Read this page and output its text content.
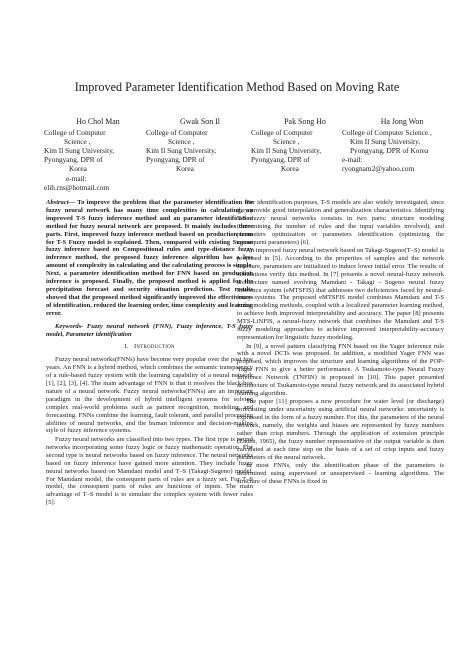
Improved Parameter Identification Method Based on Moving Rate
Ho Chol Man
College of Computer
Science ,
Kim Il Sung University,
Pyongyang, DPR of
Korea
e-mail:
elih.rns@hotmail.com
Gwak Son Il
College of Computer
Science ,
Kim Il Sung University,
Pyongyang, DPR of
Korea
Pak Song Ho
College of Computer
Science ,
Kim Il Sung University,
Pyongyang, DPR of
Korea
Ha Jong Won
College of Computer Science ,
Kim Il Sung University,
Pyongyang, DPR of Korea
e-mail:
ryongnam2@yahoo.com

Abstract— To improve the problem that the parameter identification for fuzzy neural network has many time complexities in calculating, an improved T-S fuzzy inference method and an parameter identification method for fuzzy neural network are proposed. It mainly includes three parts. First, improved fuzzy inference method based on production term for T-S Fuzzy model is explained. Then, compared with existing Sugeno fuzzy inference based on Compositional rules and type-distance fuzzy inference method, the proposed fuzzy inference algorithm has a less amount of complexity in calculating and the calculating process is simple. Next, a parameter identification method for FNN based on production inference is proposed. Finally, the proposed method is applied for the precipitation forecast and security situation prediction. Test results showed that the proposed method significantly improved the effectiveness of identification, reduced the learning order, time complexity and learning error.

Keywords- Fuzzy neural network (FNN), Fuzzy inference, T-S fuzzy model, Parameter identification

I. Introduction

Fuzzy neural networks(FNNs) have become very popular over the past few years. An FNN is a hybrid method, which combines the semantic transparency of a rule-based fuzzy system with the learning capability of a neural network [1], [2], [3], [4]. The main advantage of FNN is that it resolves the black-box nature of a neural network. Fuzzy neural networks(FNNs) are an important paradigm in the development of hybrid intelligent systems for solving complex real-world problems such as pattern recognition, modeling, and forecasting. FNNs combine the learning, fault tolerant, and parallel processing abilities of neural networks, and the human inference and decision-making style of fuzzy inference systems.

Fuzzy neural networks are classified into two types. The first type is neural networks incorporating some fuzzy logic or fuzzy mathematic operation. The second type is neural networks based on fuzzy inference. The neural networks based on fuzzy inference have gained more attention. They include fuzzy neural networks based on Mamdani model and T–S (Takagi-Sugeno) model. For Mamdani model, the consequent parts of rules are a fuzzy set. For T–S model, the consequent parts of rules are functions of inputs. The main advantage of T–S model is to simulate the complex system with fewer rules [5].

For identification purposes, T-S models are also widely investigated, since they provide good interpolation and generalization characteristics. Identifying T-S fuzzy neural networks consists in two parts: structure modeling (determining the number of rules and the input variables involved), and parameters optimization or parameters identification (optimizing the consequent parameters) [6].

An improved fuzzy neural network based on Takagi-Sugeno(T–S) model is proposed in [5]. According to the properties of samples and the network structure, parameters are initialized to induce lower initial error. The results of simulations verify this method. In [7] presents a novel neural-fuzzy network architecture named evolving Mamdani - Takagi - Sugeno neural fuzzy inference system (eMTSFIS) that addresses two deficiencies faced by neural-fuzzy systems. The proposed eMTSFIS model combines Mamdani and T-S fuzzy modeling methods, coupled with a localized parameter learning method, to achieve both improved interpretability and accuracy. The paper [8] presents MTS-LiNFIS, a neural-fuzzy network that combines the Mamdani and T-S fuzzy modeling approaches to achieve improved interpretability-accuracy representation for linguistic fuzzy modeling.

In [9], a novel pattern classifying FNN based on the Yager inference rule with a novel DCTs was proposed. In addition, a modified Yager FNN was proposed, which improves the structure and learning algorithms of the POP-Yager FNN to give a better performance. A Tsukamoto-type Neural Fuzzy Inference Network (TNFIN) is proposed in [10]. This paper presented architecture of Tsukamoto-type neural fuzzy network and its associated hybrid learning algorithm.

The paper [11] proposes a new procedure for water level (or discharge) forecasting under uncertainty using artificial neural networks: uncertainty is expressed in the form of a fuzzy number. For this, the parameters of the neural network, namely, the weights and biases are represented by fuzzy numbers rather than crisp numbers. Through the application of extension principle (Zadeh, 1965), the fuzzy number representative of the output variable is then calculated at each time step on the basis of a set of crisp inputs and fuzzy parameters of the neural network.

In most FNNs, only the identification phase of the parameters is determined using supervised or unsupervised - learning algorithms. The structure of these FNNs is fixed in
